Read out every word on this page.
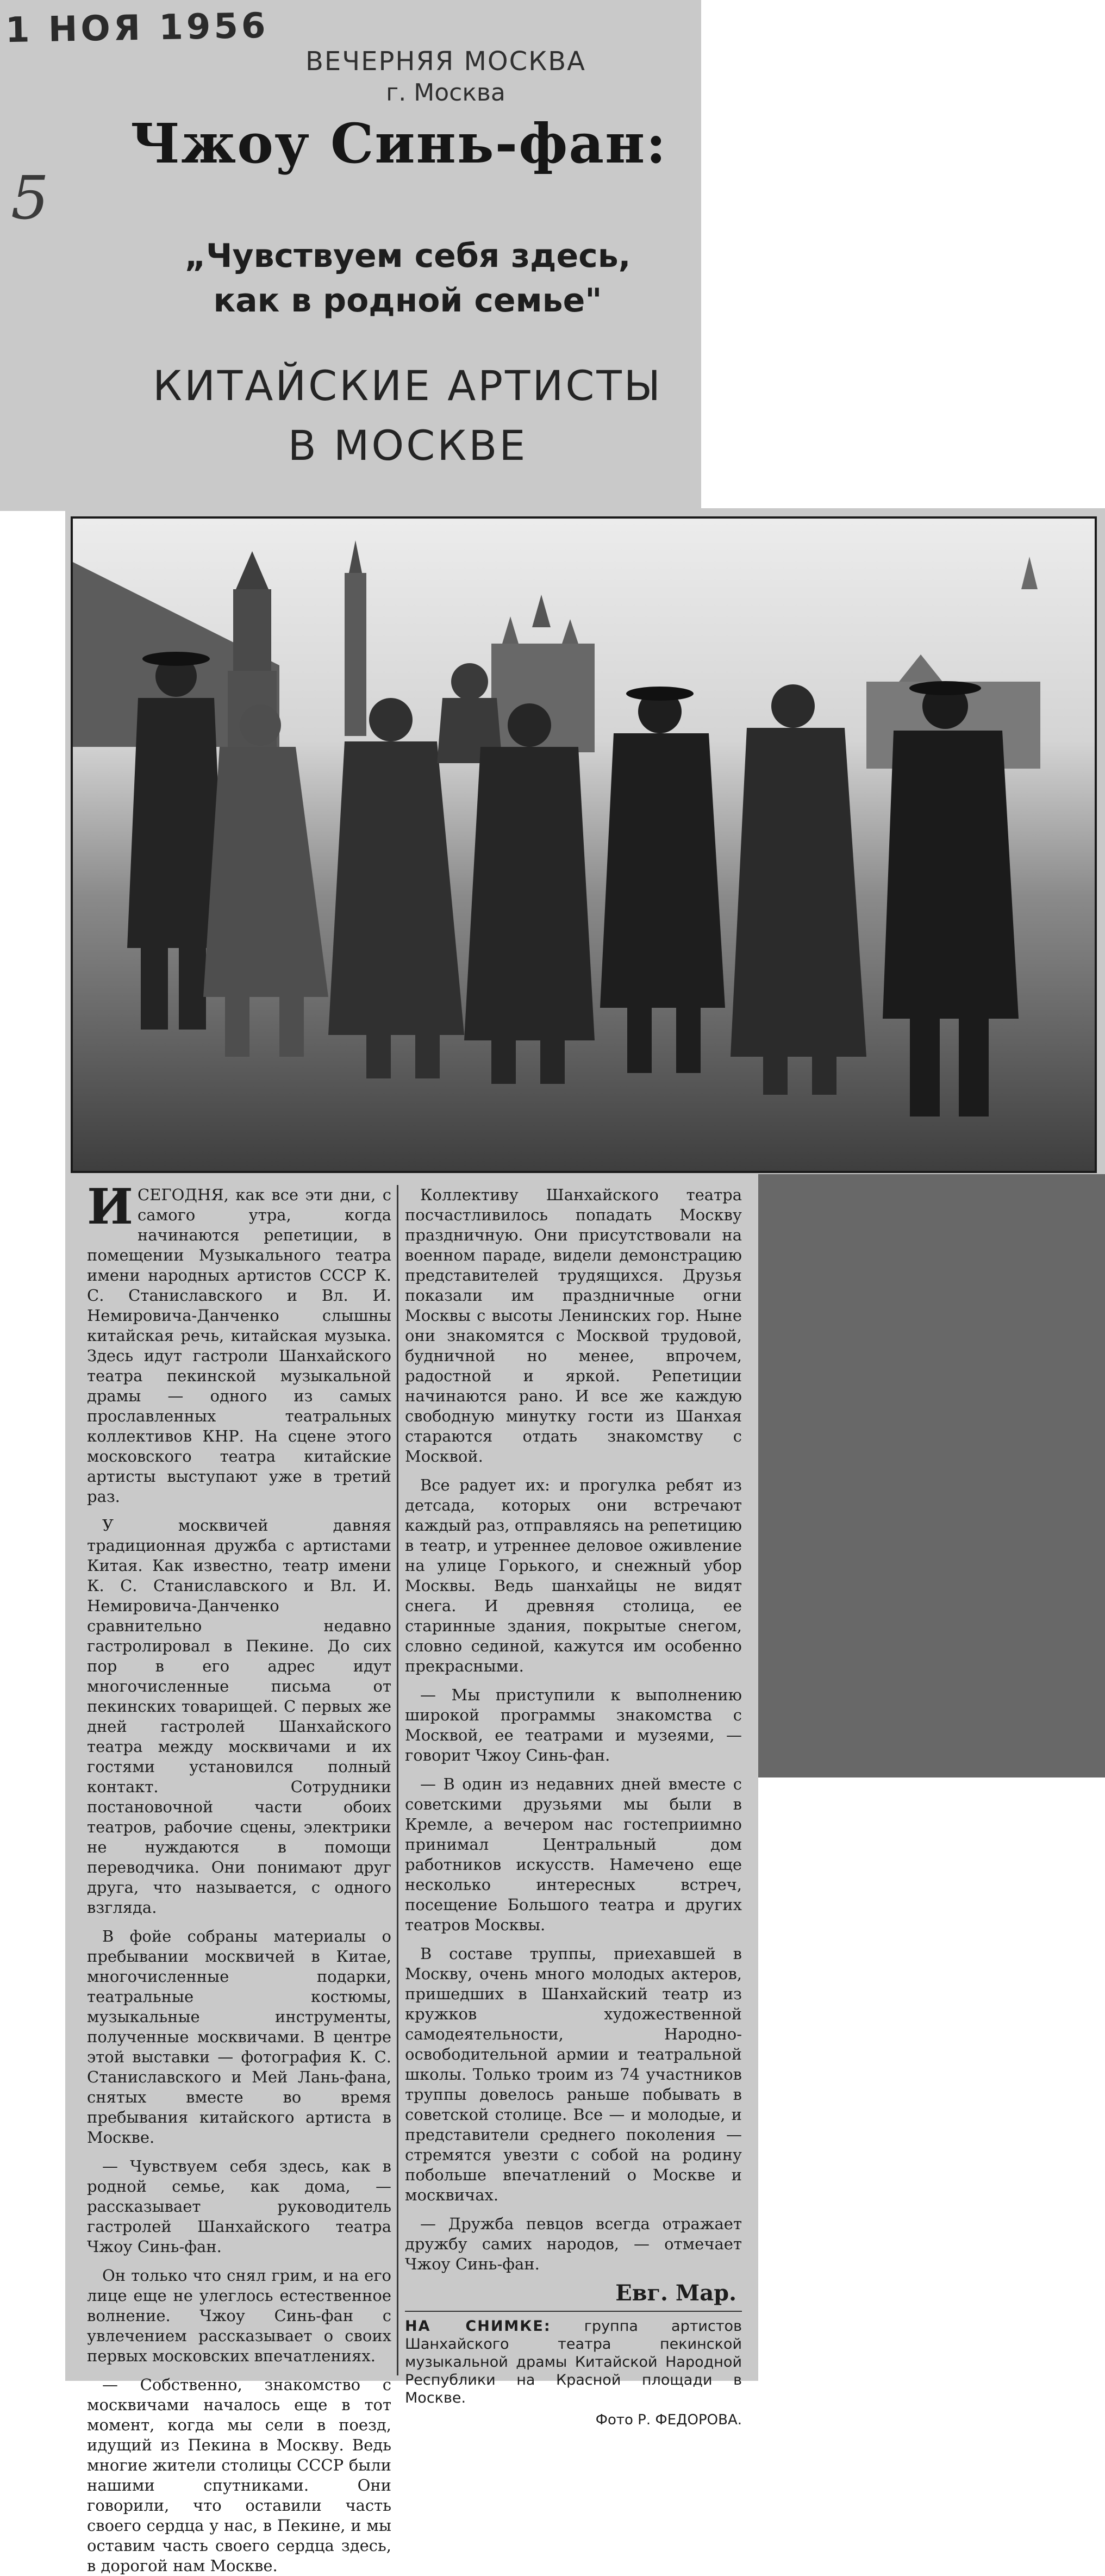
1 НОЯ 1956
5
ВЕЧЕРНЯЯ МОСКВА
г. Москва
Чжоу Синь-фан:
„Чувствуем себя здесь,
как в родной семье"
КИТАЙСКИЕ АРТИСТЫ
В МОСКВЕ

ИСЕГОДНЯ, как все эти дни, с самого утра, когда начинаются репетиции, в помещении Музыкального театра имени народных артистов СССР К. С. Станиславского и Вл. И. Немировича-Данченко слышны китайская речь, китайская музыка. Здесь идут гастроли Шанхайского театра пекинской музыкальной драмы — одного из самых прославленных театральных коллективов КНР. На сцене этого московского театра китайские артисты выступают уже в третий раз.

У москвичей давняя традиционная дружба с артистами Китая. Как известно, театр имени К. С. Станиславского и Вл. И. Немировича-Данченко сравнительно недавно гастролировал в Пекине. До сих пор в его адрес идут многочисленные письма от пекинских товарищей. С первых же дней гастролей Шанхайского театра между москвичами и их гостями установился полный контакт. Сотрудники постановочной части обоих театров, рабочие сцены, электрики не нуждаются в помощи переводчика. Они понимают друг друга, что называется, с одного взгляда.

В фойе собраны материалы о пребывании москвичей в Китае, многочисленные подарки, театральные костюмы, музыкальные инструменты, полученные москвичами. В центре этой выставки — фотография К. С. Станиславского и Мей Лань-фана, снятых вместе во время пребывания китайского артиста в Москве.

— Чувствуем себя здесь, как в родной семье, как дома, — рассказывает руководитель гастролей Шанхайского театра Чжоу Синь-фан.

Он только что снял грим, и на его лице еще не улеглось естественное волнение. Чжоу Синь-фан с увлечением рассказывает о своих первых московских впечатлениях.

— Собственно, знакомство с москвичами началось еще в тот момент, когда мы сели в поезд, идущий из Пекина в Москву. Ведь многие жители столицы СССР были нашими спутниками. Они говорили, что оставили часть своего сердца у нас, в Пекине, и мы оставим часть своего сердца здесь, в дорогой нам Москве.

Коллективу Шанхайского театра посчастливилось попадать Москву праздничную. Они присутствовали на военном параде, видели демонстрацию представителей трудящихся. Друзья показали им праздничные огни Москвы с высоты Ленинских гор. Ныне они знакомятся с Москвой трудовой, будничной но менее, впрочем, радостной и яркой. Репетиции начинаются рано. И все же каждую свободную минутку гости из Шанхая стараются отдать знакомству с Москвой.

Все радует их: и прогулка ребят из детсада, которых они встречают каждый раз, отправляясь на репетицию в театр, и утреннее деловое оживление на улице Горького, и снежный убор Москвы. Ведь шанхайцы не видят снега. И древняя столица, ее старинные здания, покрытые снегом, словно сединой, кажутся им особенно прекрасными.

— Мы приступили к выполнению широкой программы знакомства с Москвой, ее театрами и музеями, — говорит Чжоу Синь-фан.

— В один из недавних дней вместе с советскими друзьями мы были в Кремле, а вечером нас гостеприимно принимал Центральный дом работников искусств. Намечено еще несколько интересных встреч, посещение Большого театра и других театров Москвы.

В составе труппы, приехавшей в Москву, очень много молодых актеров, пришедших в Шанхайский театр из кружков художественной самодеятельности, Народно-освободительной армии и театральной школы. Только троим из 74 участников труппы довелось раньше побывать в советской столице. Все — и молодые, и представители среднего поколения — стремятся увезти с собой на родину побольше впечатлений о Москве и москвичах.

— Дружба певцов всегда отражает дружбу самих народов, — отмечает Чжоу Синь-фан.

Евг. Мар.
НА СНИМКЕ: группа артистов Шанхайского театра пекинской музыкальной драмы Китайской Народной Республики на Красной площади в Москве.
Фото Р. ФЕДОРОВА.
